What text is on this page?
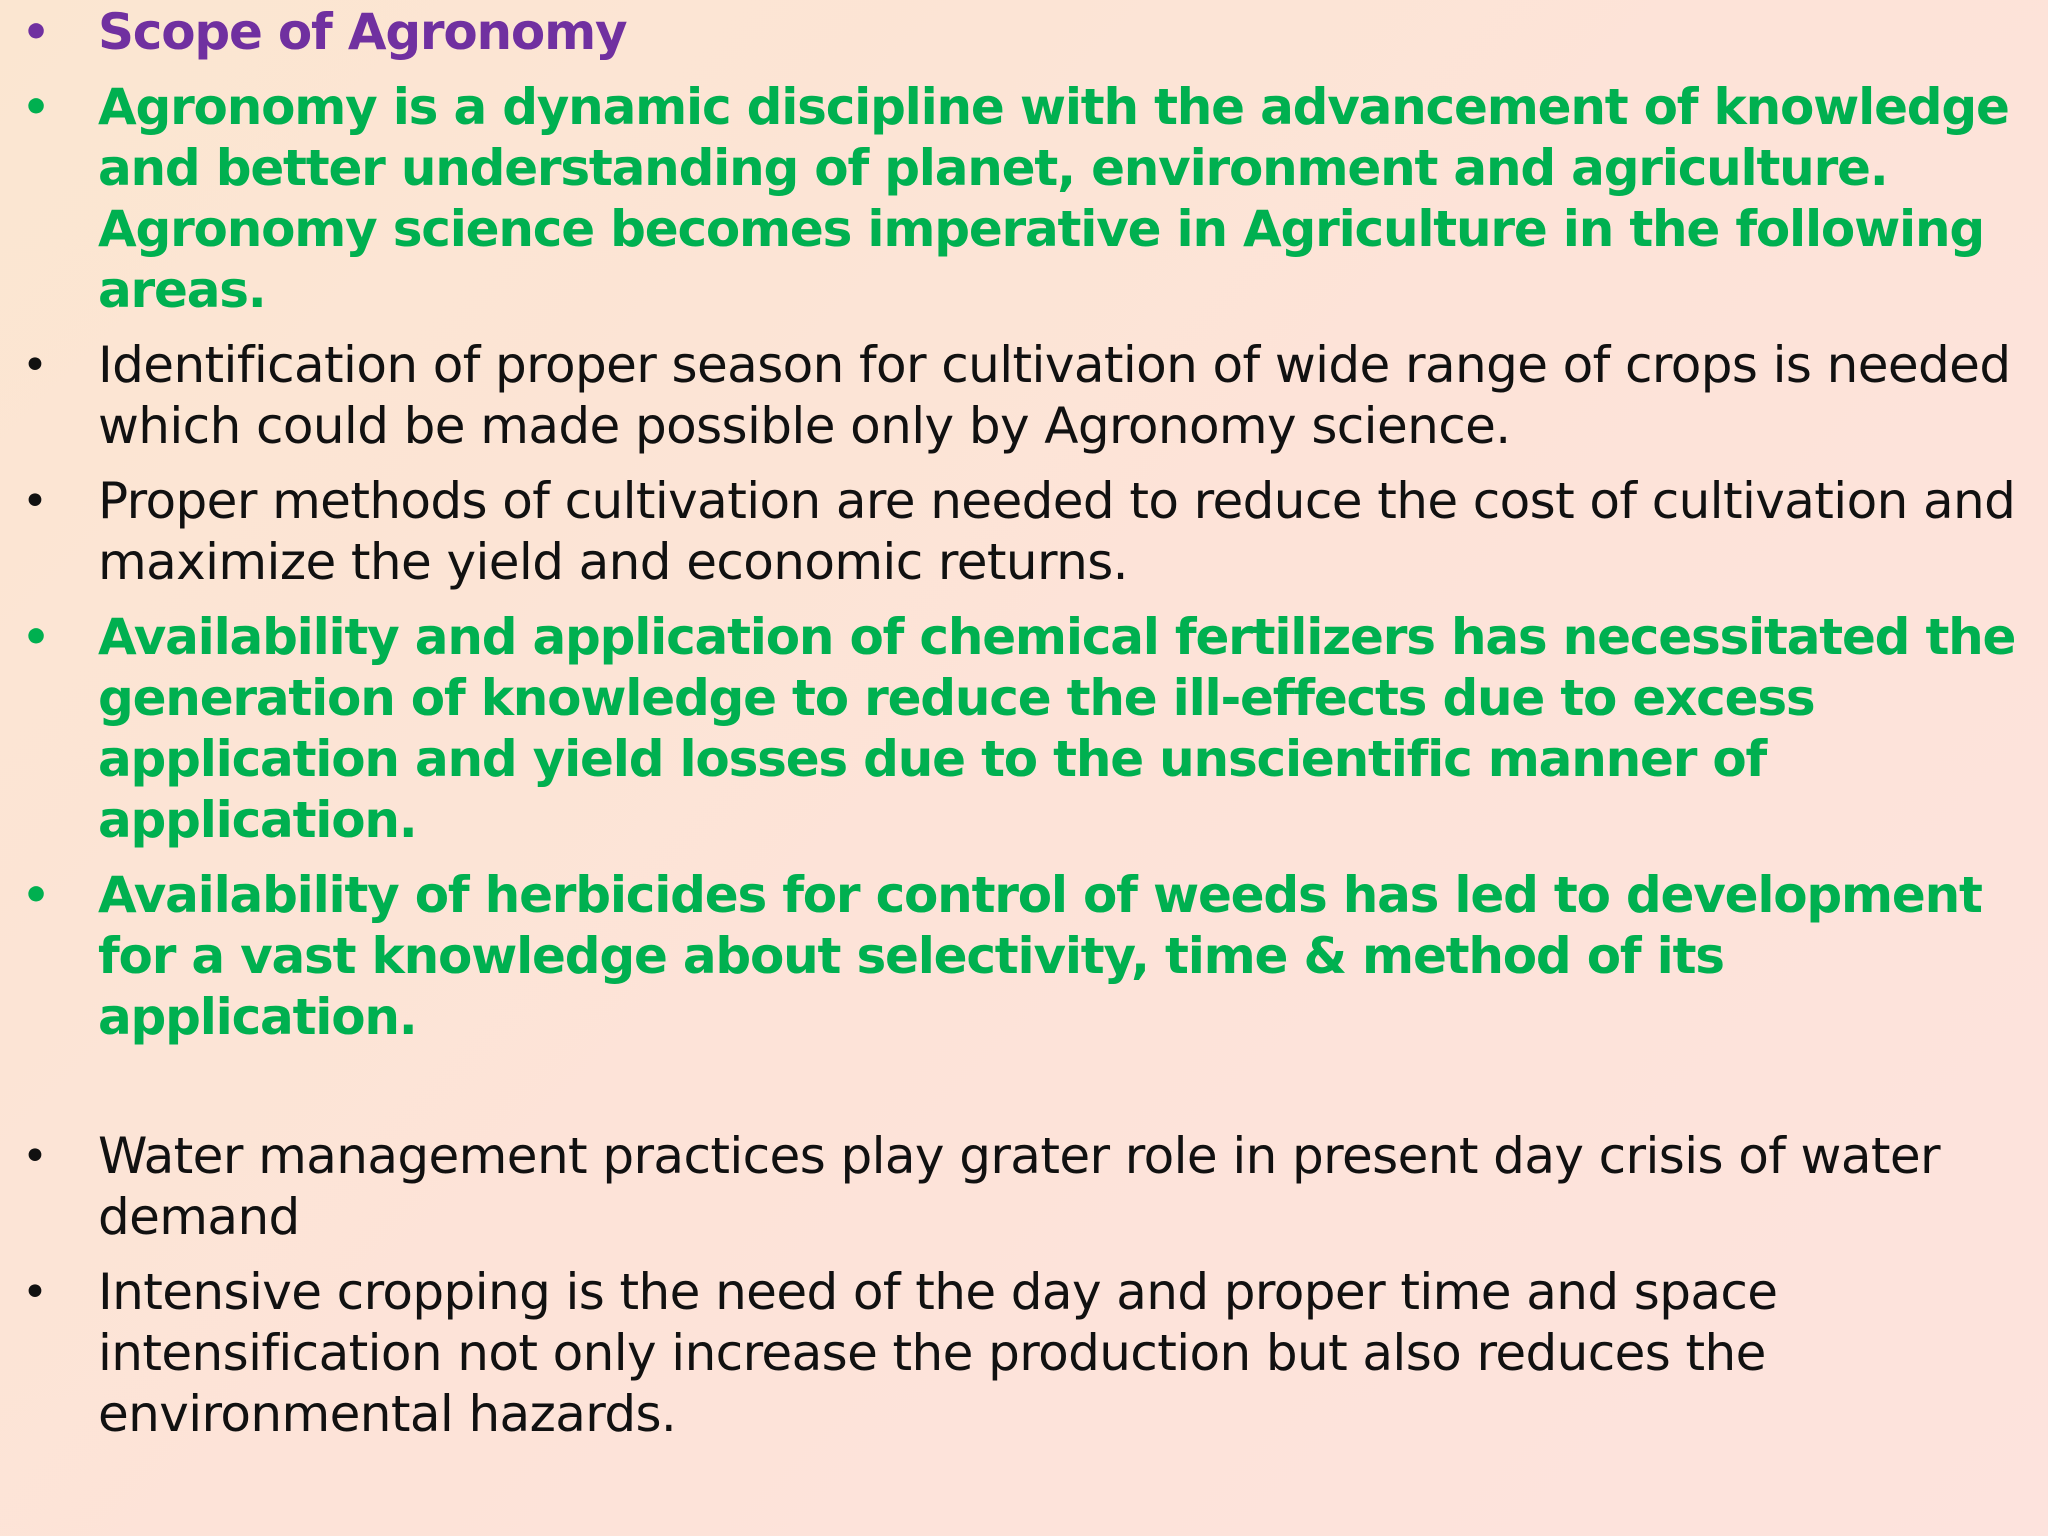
• Scope of Agronomy
• Agronomy is a dynamic discipline with the advancement of knowledge and better understanding of planet, environment and agriculture. Agronomy science becomes imperative in Agriculture in the following areas.
• Identification of proper season for cultivation of wide range of crops is needed which could be made possible only by Agronomy science.
• Proper methods of cultivation are needed to reduce the cost of cultivation and maximize the yield and economic returns.
• Availability and application of chemical fertilizers has necessitated the generation of knowledge to reduce the ill-effects due to excess application and yield losses due to the unscientific manner of application.
• Availability of herbicides for control of weeds has led to development for a vast knowledge about selectivity, time & method of its application.
• Water management practices play grater role in present day crisis of water demand
• Intensive cropping is the need of the day and proper time and space intensification not only increase the production but also reduces the environmental hazards.
